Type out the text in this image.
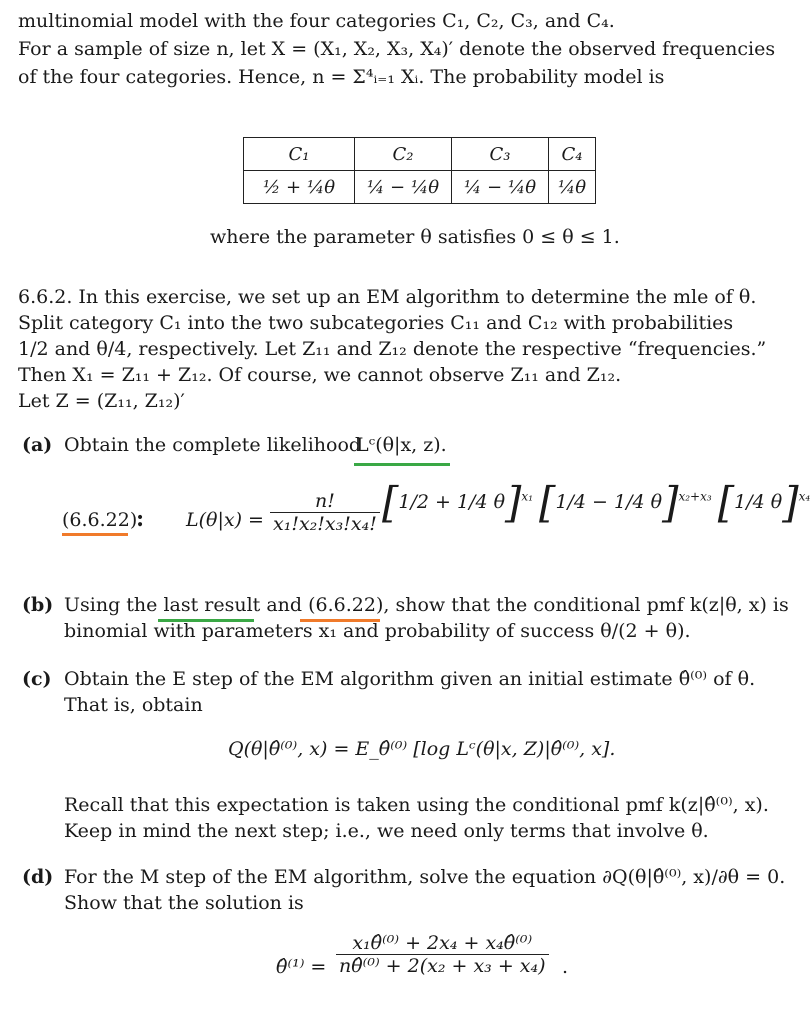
multinomial model with the four categories C₁, C₂, C₃, and C₄.
For a sample of size n, let X = (X₁, X₂, X₃, X₄)′ denote the observed frequencies
of the four categories. Hence, n = Σ⁴ᵢ₌₁ Xᵢ. The probability model is
C₁	C₂	C₃	C₄
½ + ¼θ	¼ − ¼θ	¼ − ¼θ	¼θ
where the parameter θ satisfies 0 ≤ θ ≤ 1.
6.6.2. In this exercise, we set up an EM algorithm to determine the mle of θ.
Split category C₁ into the two subcategories C₁₁ and C₁₂ with probabilities
1/2 and θ/4, respectively. Let Z₁₁ and Z₁₂ denote the respective “frequencies.”
Then X₁ = Z₁₁ + Z₁₂. Of course, we cannot observe Z₁₁ and Z₁₂.
Let Z = (Z₁₁, Z₁₂)′
(a) Obtain the complete likelihood
Lᶜ(θ|x, z).
(6.6.22)
: $L(\theta|x) = \frac{n!}{\text{x₁!x₂!x₃!x₄!}} [1/2 + 1/4$ θ]$^{x_1}$ [1/4 − 1/4 θ]$^{x_2+x_3}$ [1/4 θ]$^{x_4}$
(b) Using the last result and (6.6.22), show that the conditional pmf k(z|θ, x) is
binomial with parameters x₁ and probability of success θ/(2 + θ).
(c) Obtain the E step of the EM algorithm given an initial estimate θ̂⁽⁰⁾ of θ.
That is, obtain
Q(θ|θ̂⁽⁰⁾, x) = E_θ̂⁽⁰⁾ [log Lᶜ(θ|x, Z)|θ̂⁽⁰⁾, x].
Recall that this expectation is taken using the conditional pmf k(z|θ̂⁽⁰⁾, x).
Keep in mind the next step; i.e., we need only terms that involve θ.
(d) For the M step of the EM algorithm, solve the equation ∂Q(θ|θ̂⁽⁰⁾, x)/∂θ = 0.
Show that the solution is
θ̂⁽¹⁾ = $\frac{\text{x₁θ̂⁽⁰⁾ + 2x₄ + x₄θ̂⁽⁰⁾}}{\text{nθ̂⁽⁰⁾ + 2(x₂ + x₃ + x₄)}}$ .
